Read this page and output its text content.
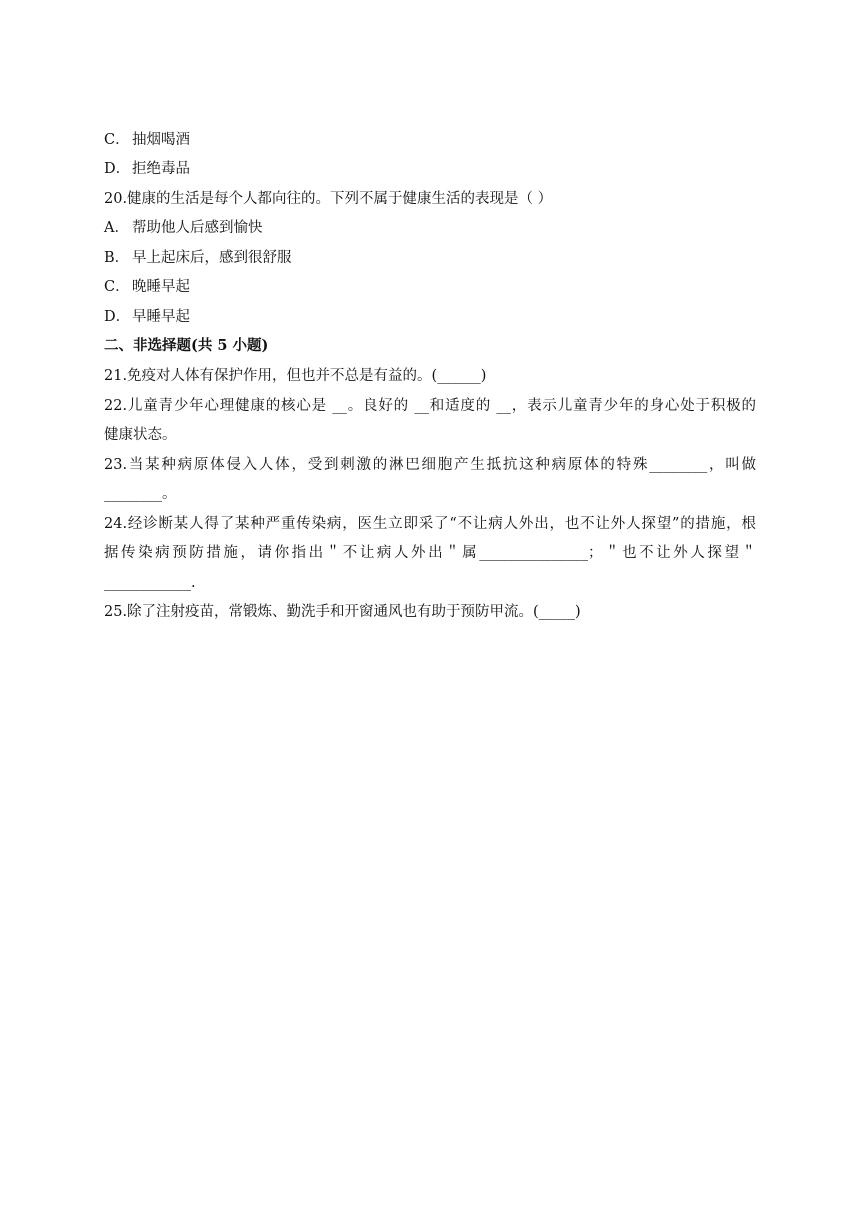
C． 抽烟喝酒
D． 拒绝毒品
20.健康的生活是每个人都向往的。下列不属于健康生活的表现是（ ）
A． 帮助他人后感到愉快
B． 早上起床后，感到很舒服
C． 晚睡早起
D． 早睡早起
二、非选择题(共 5 小题)
21.免疫对人体有保护作用，但也并不总是有益的。(______)
22.儿童青少年心理健康的核心是 __。良好的 __和适度的 __，表示儿童青少年的身心处于积极的
健康状态。
23.当某种病原体侵入人体，受到刺激的淋巴细胞产生抵抗这种病原体的特殊________，叫做
________。
24.经诊断某人得了某种严重传染病，医生立即采了“不让病人外出，也不让外人探望”的措施，根
据传染病预防措施，请你指出＂不让病人外出＂属_______________；＂也不让外人探望＂
____________.
25.除了注射疫苗，常锻炼、勤洗手和开窗通风也有助于预防甲流。(_____)
